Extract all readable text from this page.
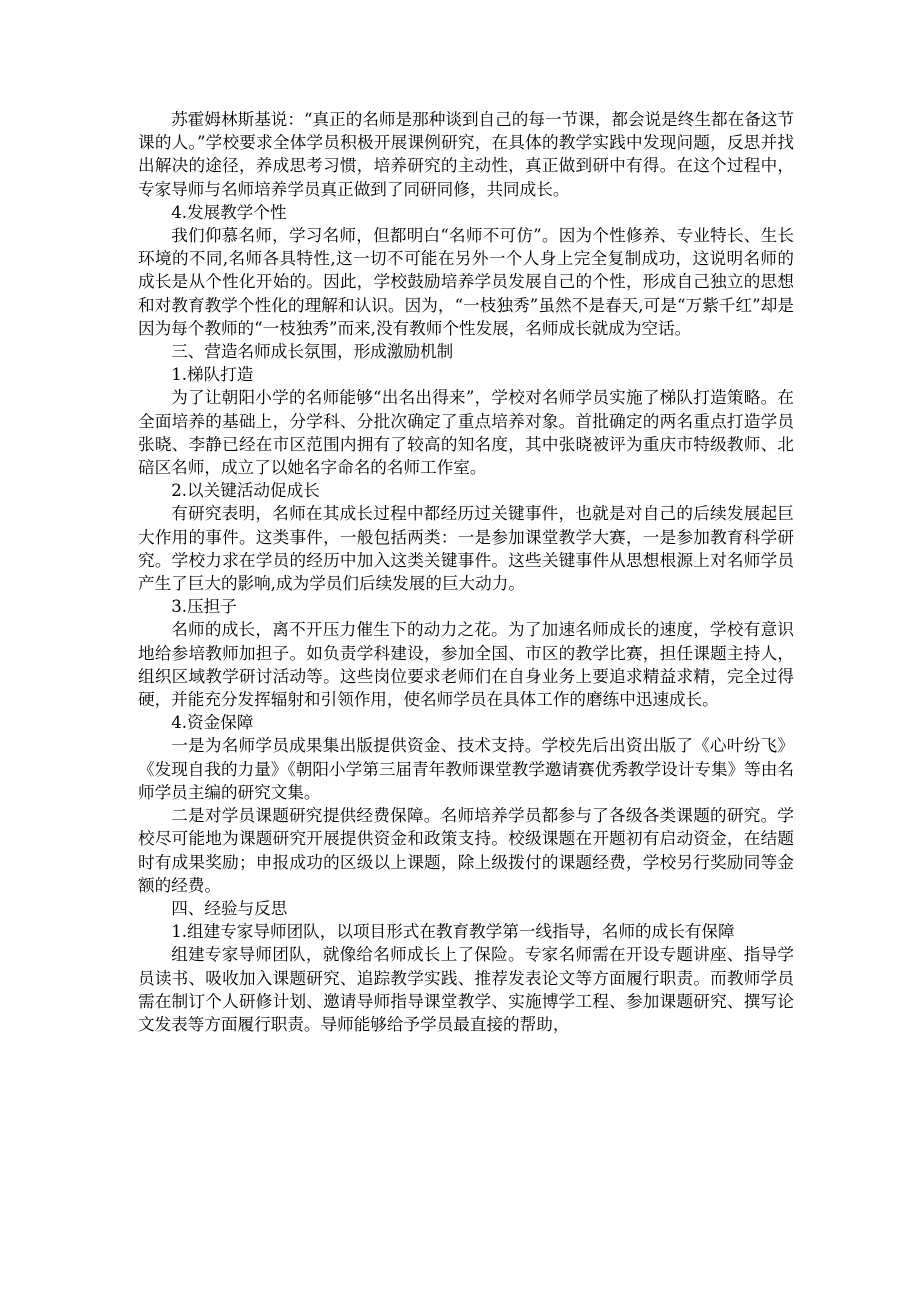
苏霍姆林斯基说：“真正的名师是那种谈到自己的每一节课，都会说是终生都在备这节课的人。”学校要求全体学员积极开展课例研究，在具体的教学实践中发现问题，反思并找出解决的途径，养成思考习惯，培养研究的主动性，真正做到研中有得。在这个过程中，专家导师与名师培养学员真正做到了同研同修，共同成长。

4.发展教学个性

我们仰慕名师，学习名师，但都明白“名师不可仿”。因为个性修养、专业特长、生长环境的不同,名师各具特性,这一切不可能在另外一个人身上完全复制成功，这说明名师的成长是从个性化开始的。因此，学校鼓励培养学员发展自己的个性，形成自己独立的思想和对教育教学个性化的理解和认识。因为，“一枝独秀”虽然不是春天,可是“万紫千红”却是因为每个教师的“一枝独秀”而来,没有教师个性发展，名师成长就成为空话。

三、营造名师成长氛围，形成激励机制

1.梯队打造

为了让朝阳小学的名师能够“出名出得来”，学校对名师学员实施了梯队打造策略。在全面培养的基础上，分学科、分批次确定了重点培养对象。首批确定的两名重点打造学员张晓、李静已经在市区范围内拥有了较高的知名度，其中张晓被评为重庆市特级教师、北碚区名师，成立了以她名字命名的名师工作室。

2.以关键活动促成长

有研究表明，名师在其成长过程中都经历过关键事件，也就是对自己的后续发展起巨大作用的事件。这类事件，一般包括两类：一是参加课堂教学大赛，一是参加教育科学研究。学校力求在学员的经历中加入这类关键事件。这些关键事件从思想根源上对名师学员产生了巨大的影响,成为学员们后续发展的巨大动力。

3.压担子

名师的成长，离不开压力催生下的动力之花。为了加速名师成长的速度，学校有意识地给参培教师加担子。如负责学科建设，参加全国、市区的教学比赛，担任课题主持人，组织区域教学研讨活动等。这些岗位要求老师们在自身业务上要追求精益求精，完全过得硬，并能充分发挥辐射和引领作用，使名师学员在具体工作的磨练中迅速成长。

4.资金保障

一是为名师学员成果集出版提供资金、技术支持。学校先后出资出版了《心叶纷飞》《发现自我的力量》《朝阳小学第三届青年教师课堂教学邀请赛优秀教学设计专集》等由名师学员主编的研究文集。

二是对学员课题研究提供经费保障。名师培养学员都参与了各级各类课题的研究。学校尽可能地为课题研究开展提供资金和政策支持。校级课题在开题初有启动资金，在结题时有成果奖励；申报成功的区级以上课题，除上级拨付的课题经费，学校另行奖励同等金额的经费。

四、经验与反思

1.组建专家导师团队，以项目形式在教育教学第一线指导，名师的成长有保障

组建专家导师团队，就像给名师成长上了保险。专家名师需在开设专题讲座、指导学员读书、吸收加入课题研究、追踪教学实践、推荐发表论文等方面履行职责。而教师学员需在制订个人研修计划、邀请导师指导课堂教学、实施博学工程、参加课题研究、撰写论文发表等方面履行职责。导师能够给予学员最直接的帮助，
